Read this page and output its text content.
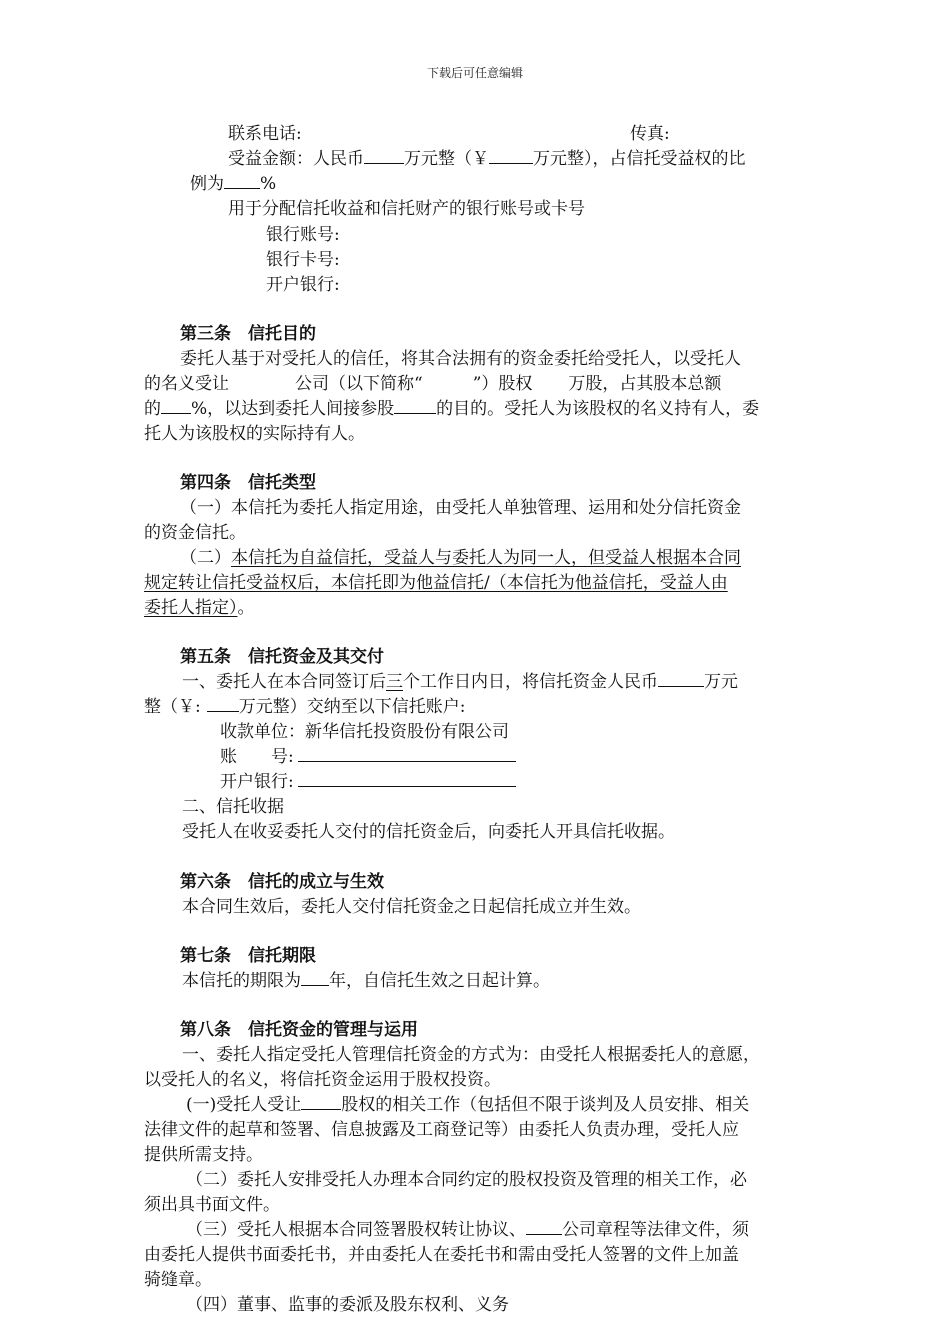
下载后可任意编辑
联系电话:	传真:
受益金额：人民币 万元整（￥	万元整），占信托受益权的比
例为 %
用于分配信托收益和信托财产的银行账号或卡号
银行账号:
银行卡号:
开户银行:
第三条　信托目的
委托人基于对受托人的信任，将其合法拥有的资金委托给受托人，以受托人
的名义受让	公司（以下简称“	”）股权 万股，占其股本总额
的 %，以达到委托人间接参股 的目的。受托人为该股权的名义持有人，委
托人为该股权的实际持有人。
第四条　信托类型
（一）本信托为委托人指定用途，由受托人单独管理、运用和处分信托资金
的资金信托。
（二）本信托为自益信托，受益人与委托人为同一人，但受益人根据本合同
规定转让信托受益权后，本信托即为他益信托/（本信托为他益信托，受益人由
委托人指定）。
第五条　信托资金及其交付
一、委托人在本合同签订后三个工作日内日，将信托资金人民币	万元
整（￥: 万元整）交纳至以下信托账户:
收款单位：新华信托投资股份有限公司
账　　号:
开户银行:
二、信托收据
受托人在收妥委托人交付的信托资金后，向委托人开具信托收据。
第六条　信托的成立与生效
本合同生效后，委托人交付信托资金之日起信托成立并生效。
第七条　信托期限
本信托的期限为 年，自信托生效之日起计算。
第八条　信托资金的管理与运用
一、委托人指定受托人管理信托资金的方式为：由受托人根据委托人的意愿，
以受托人的名义，将信托资金运用于股权投资。
(一)受托人受让 股权的相关工作（包括但不限于谈判及人员安排、相关
法律文件的起草和签署、信息披露及工商登记等）由委托人负责办理，受托人应
提供所需支持。
（二）委托人安排受托人办理本合同约定的股权投资及管理的相关工作，必
须出具书面文件。
（三）受托人根据本合同签署股权转让协议、 公司章程等法律文件，须
由委托人提供书面委托书，并由委托人在委托书和需由受托人签署的文件上加盖
骑缝章。
（四）董事、监事的委派及股东权利、义务
